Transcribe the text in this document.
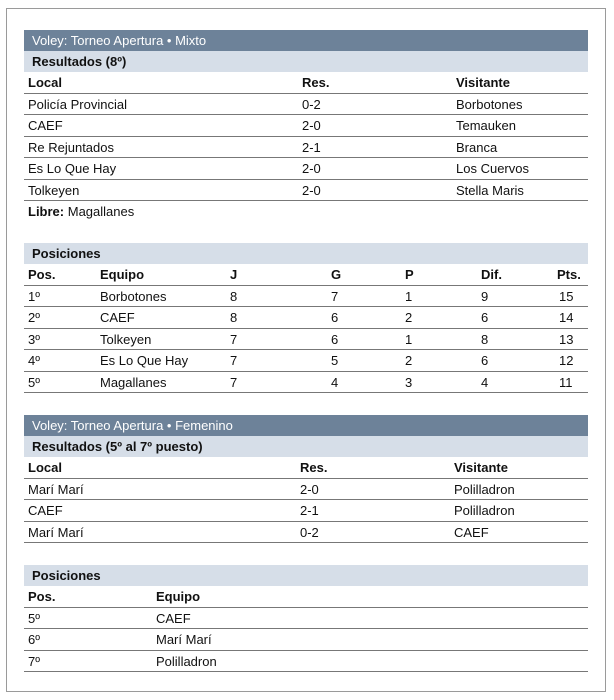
Voley: Torneo Apertura • Mixto
Resultados (8º)
Local	Res.	Visitante
Policía Provincial	0-2	Borbotones
CAEF	2-0	Temauken
Re Rejuntados	2-1	Branca
Es Lo Que Hay	2-0	Los Cuervos
Tolkeyen	2-0	Stella Maris
Libre: Magallanes
Posiciones
Pos.	Equipo	J	G	P	Dif.	Pts.
1º	Borbotones	8	7	1	9	15
2º	CAEF	8	6	2	6	14
3º	Tolkeyen	7	6	1	8	13
4º	Es Lo Que Hay	7	5	2	6	12
5º	Magallanes	7	4	3	4	11
Voley: Torneo Apertura • Femenino
Resultados (5º al 7º puesto)
Local	Res.	Visitante
Marí Marí	2-0	Polilladron
CAEF	2-1	Polilladron
Marí Marí	0-2	CAEF
Posiciones
Pos.	Equipo
5º	CAEF
6º	Marí Marí
7º	Polilladron
